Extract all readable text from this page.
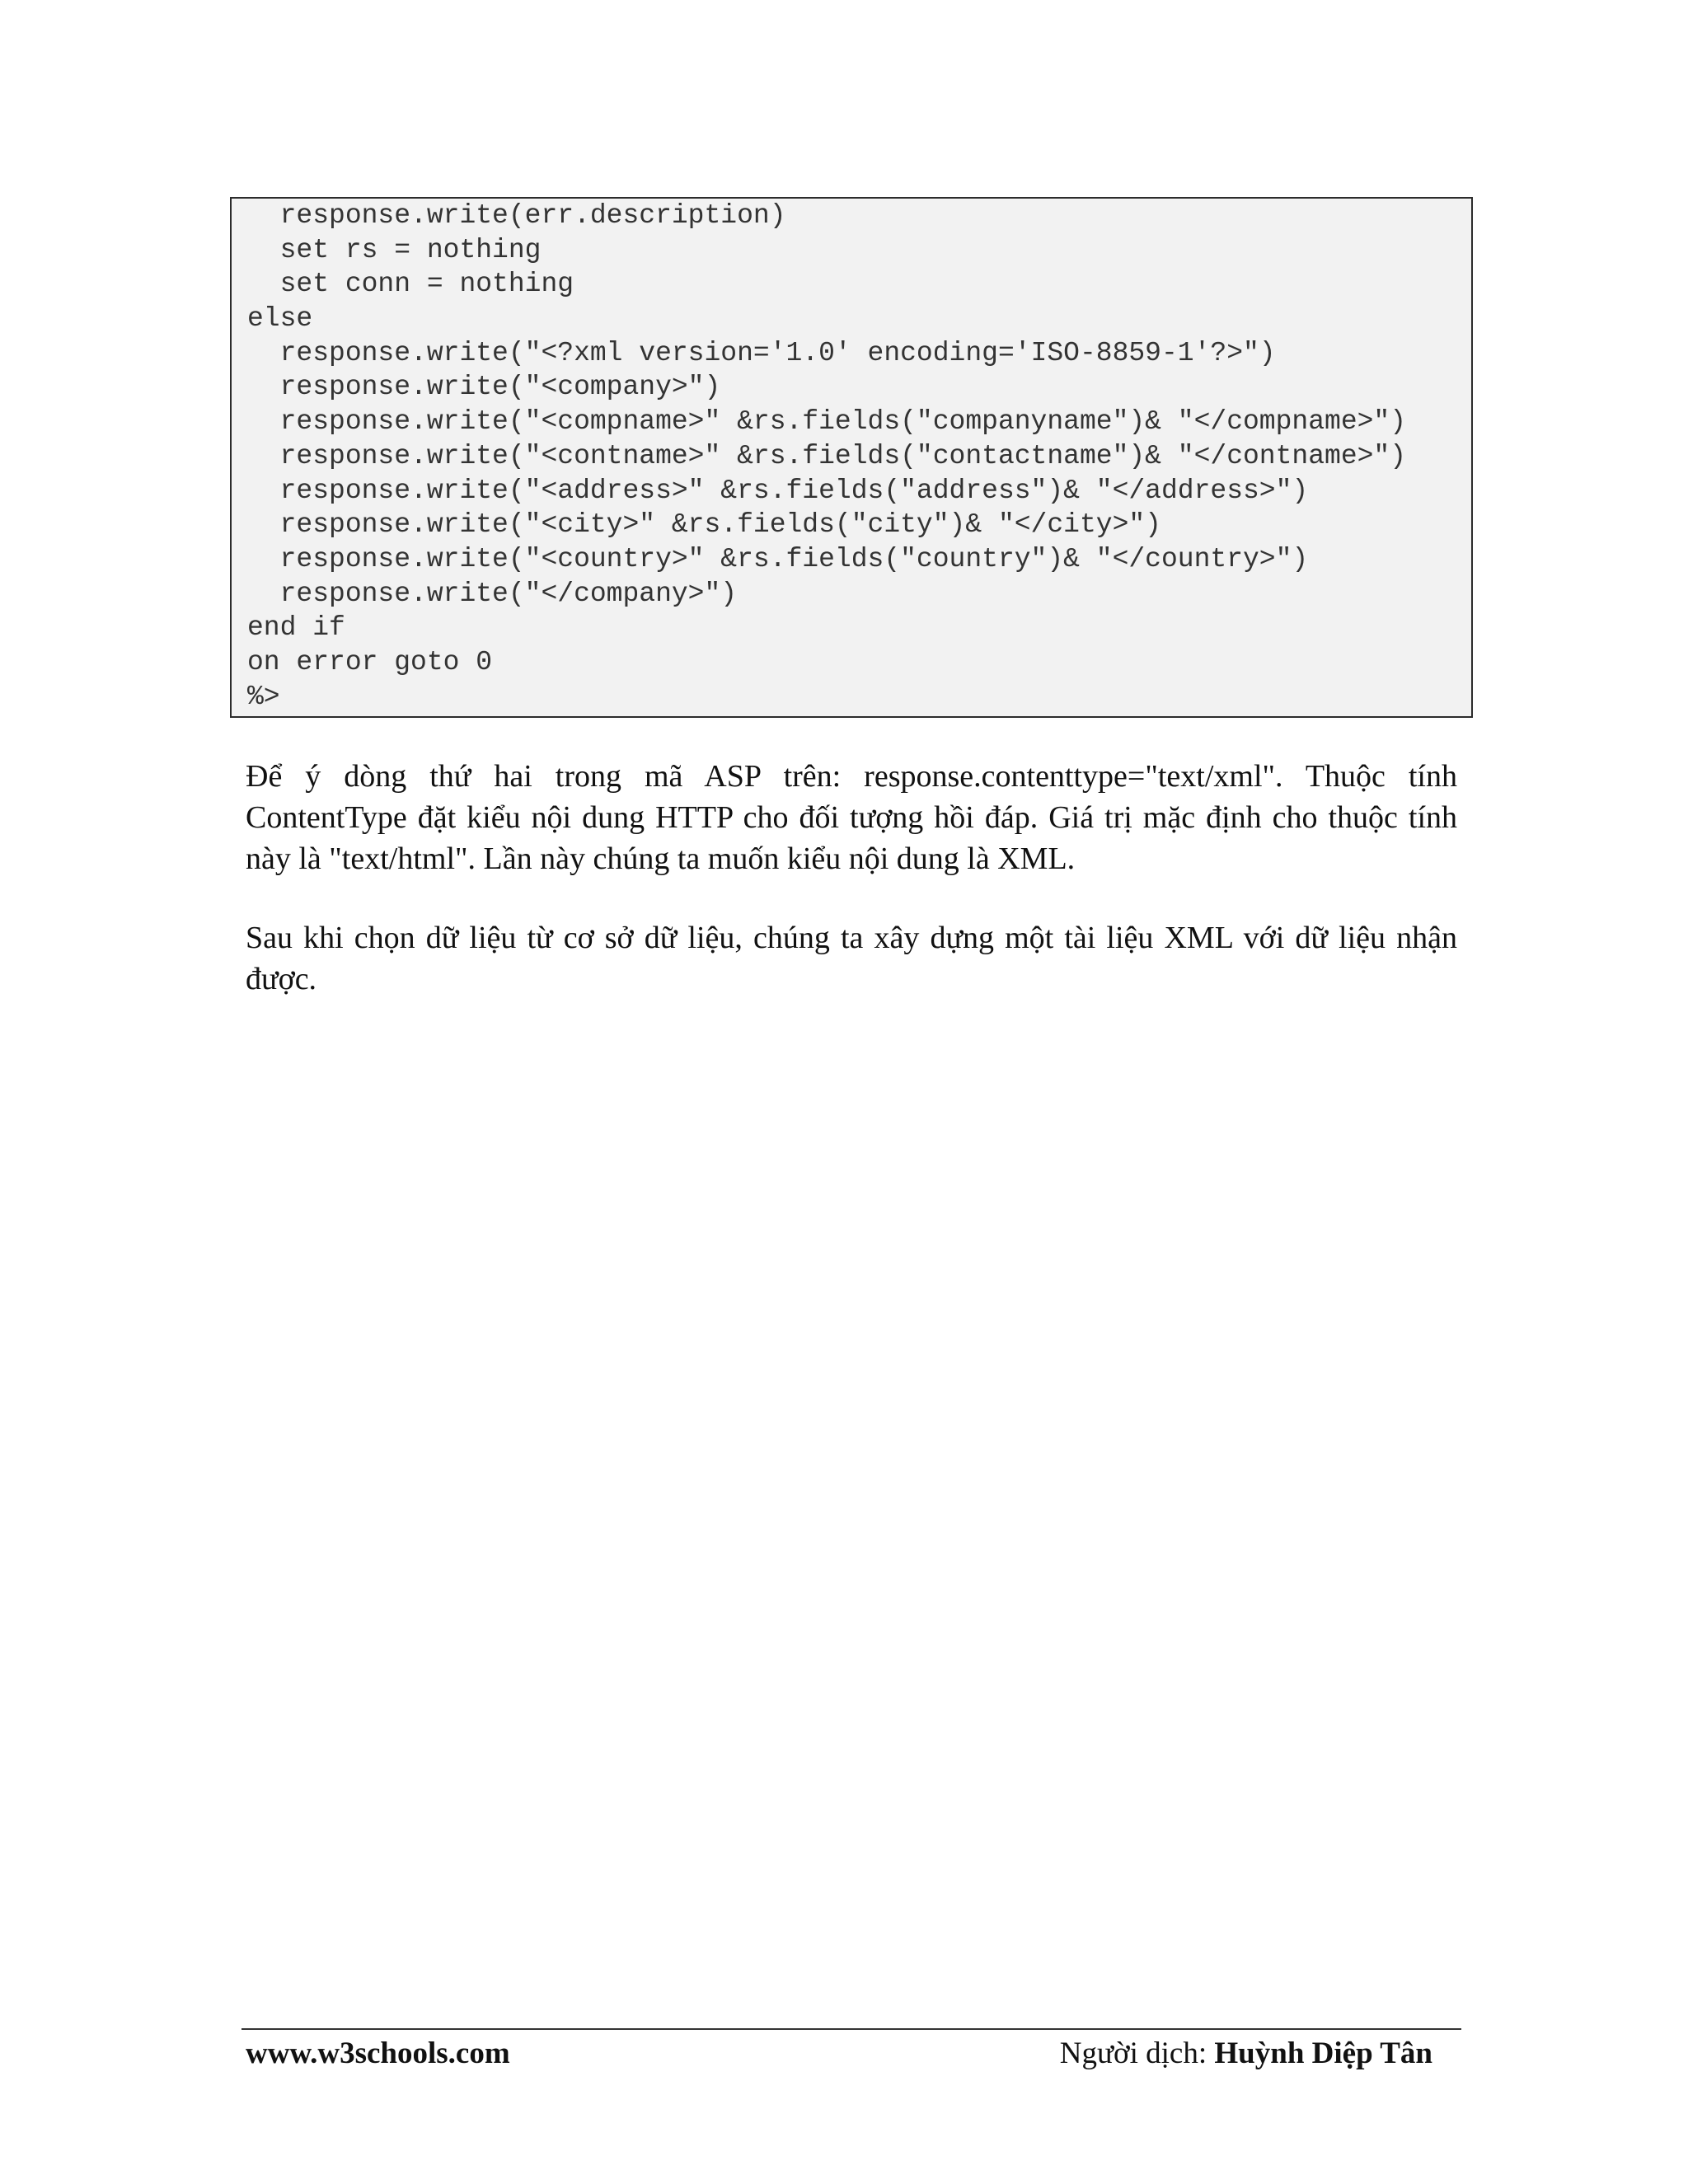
response.write(err.description)
set rs = nothing
set conn = nothing
else
response.write("<?xml version='1.0' encoding='ISO-8859-1'?>")
response.write("<company>")
response.write("<compname>" &rs.fields("companyname")& "</compname>")
response.write("<contname>" &rs.fields("contactname")& "</contname>")
response.write("<address>" &rs.fields("address")& "</address>")
response.write("<city>" &rs.fields("city")& "</city>")
response.write("<country>" &rs.fields("country")& "</country>")
response.write("</company>")
end if
on error goto 0
%>

Để ý dòng thứ hai trong mã ASP trên: response.contenttype="text/xml". Thuộc tính ContentType đặt kiểu nội dung HTTP cho đối tượng hồi đáp. Giá trị mặc định cho thuộc tính này là "text/html". Lần này chúng ta muốn kiểu nội dung là XML.

Sau khi chọn dữ liệu từ cơ sở dữ liệu, chúng ta xây dựng một tài liệu XML với dữ liệu nhận được.

www.w3schools.com	Người dịch: Huỳnh Diệp Tân
